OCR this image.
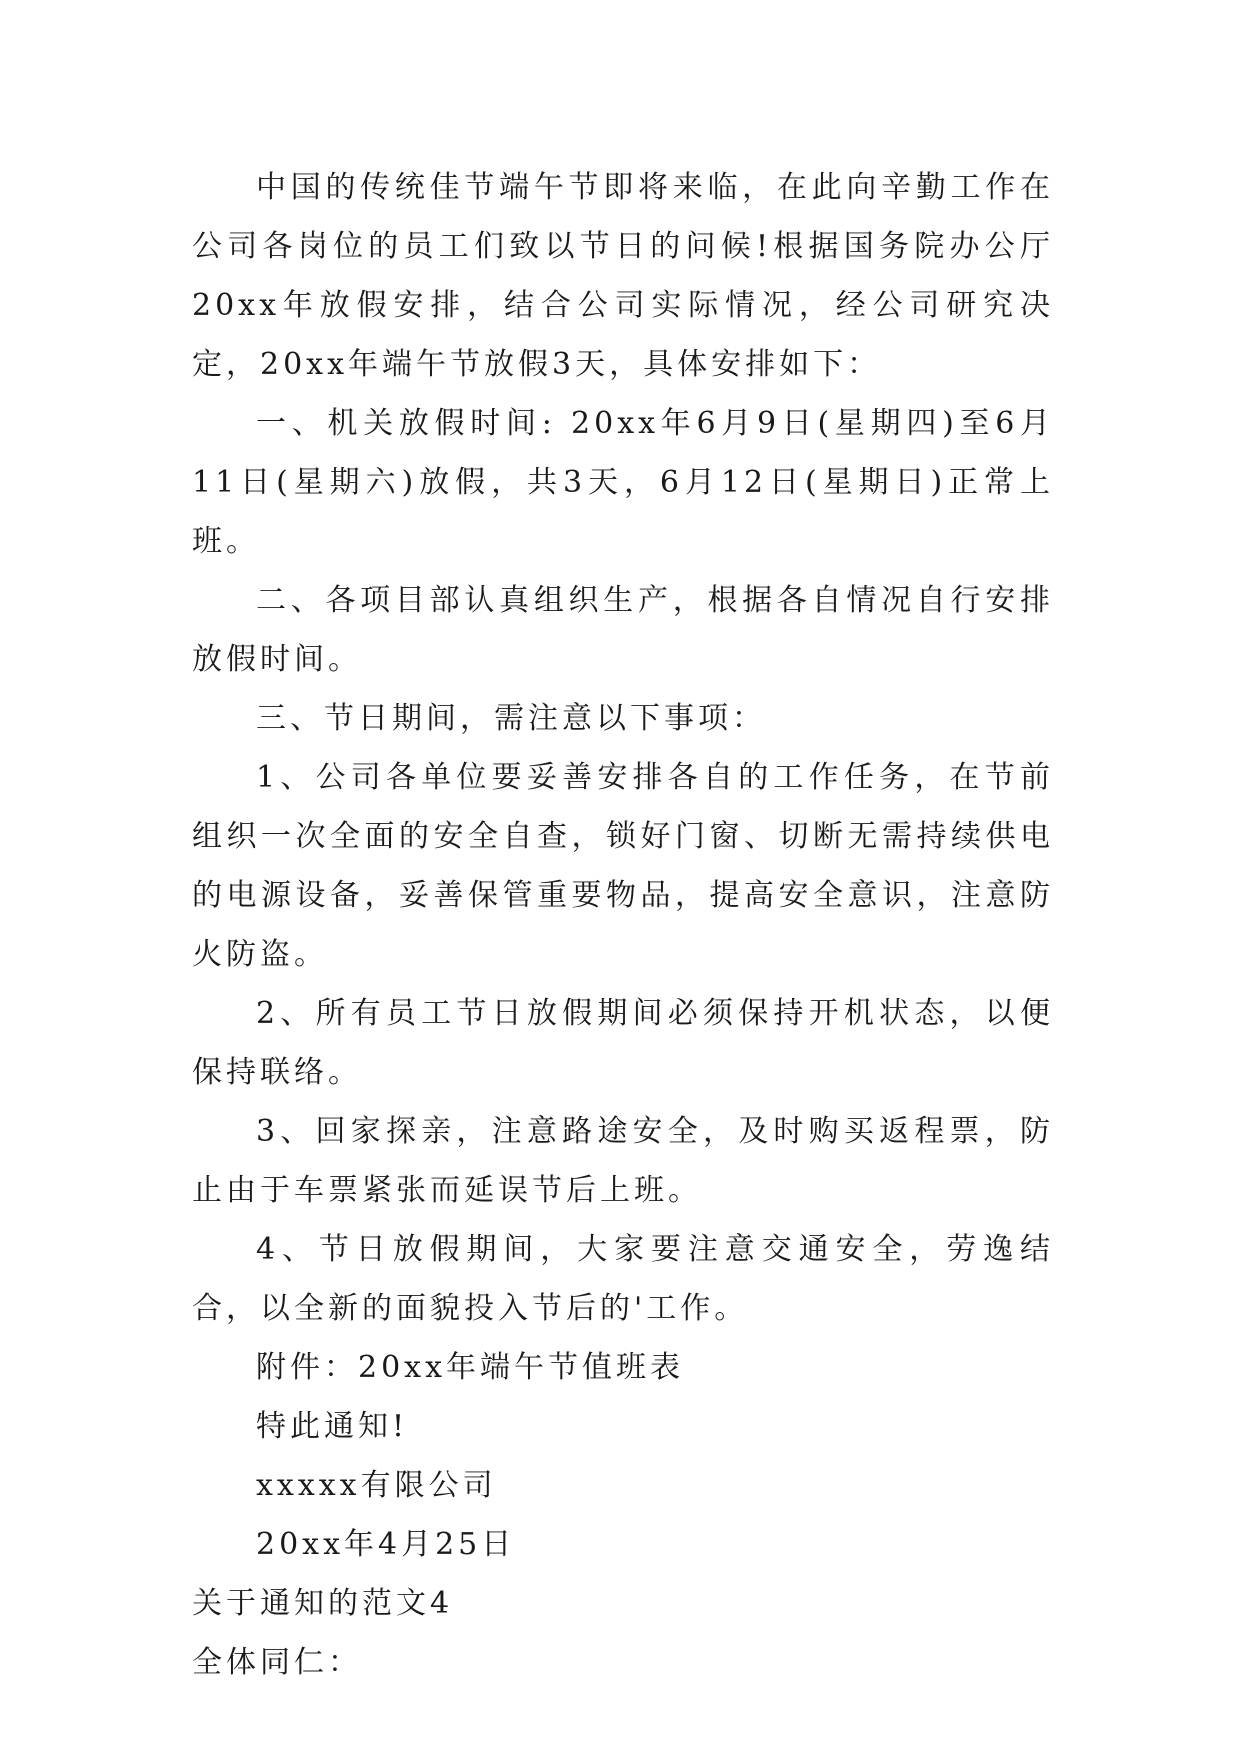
中国的传统佳节端午节即将来临，在此向辛勤工作在公司各岗位的员工们致以节日的问候!根据国务院办公厅20xx年放假安排，结合公司实际情况，经公司研究决定，20xx年端午节放假3天，具体安排如下：

一、机关放假时间: 20xx年6月9日(星期四)至6月11日(星期六)放假，共3天，6月12日(星期日)正常上班。

二、各项目部认真组织生产，根据各自情况自行安排放假时间。

三、节日期间，需注意以下事项：

1、公司各单位要妥善安排各自的工作任务，在节前组织一次全面的安全自查，锁好门窗、切断无需持续供电的电源设备，妥善保管重要物品，提高安全意识，注意防火防盗。

2、所有员工节日放假期间必须保持开机状态，以便保持联络。

3、回家探亲，注意路途安全，及时购买返程票，防止由于车票紧张而延误节后上班。

4、节日放假期间，大家要注意交通安全，劳逸结合，以全新的面貌投入节后的'工作。

附件：20xx年端午节值班表

特此通知!

xxxxx有限公司

20xx年4月25日

关于通知的范文4

全体同仁：
